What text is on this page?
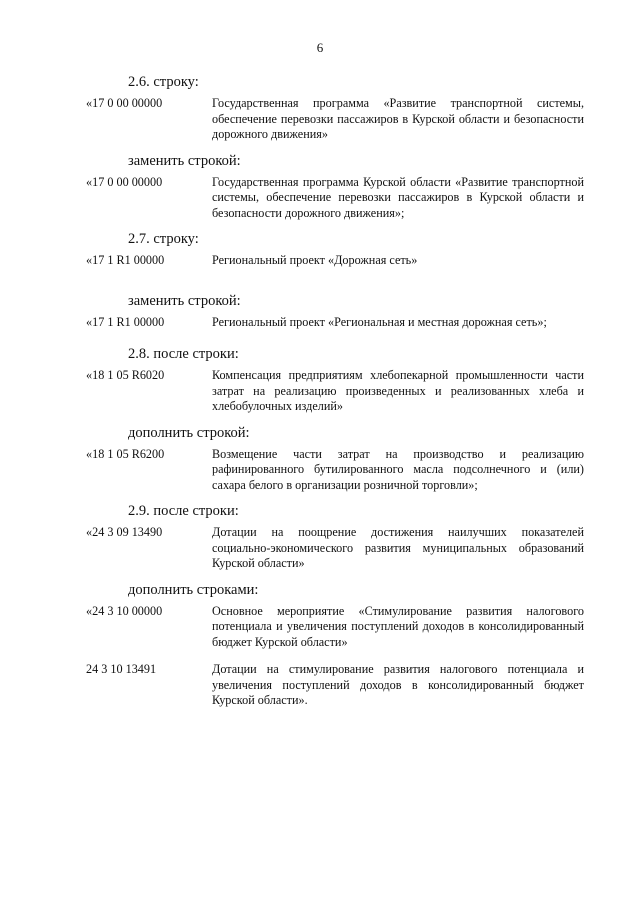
6
2.6. строку:
«17 0 00 00000	Государственная программа «Развитие транспортной системы, обеспечение перевозки пассажиров в Курской области и безопасности дорожного движения»
заменить строкой:
«17 0 00 00000	Государственная программа Курской области «Развитие транспортной системы, обеспечение перевозки пассажиров в Курской области и безопасности дорожного движения»;
2.7. строку:
«17 1 R1 00000	Региональный проект «Дорожная сеть»
заменить строкой:
«17 1 R1 00000	Региональный проект «Региональная и местная дорожная сеть»;
2.8. после строки:
«18 1 05 R6020	Компенсация предприятиям хлебопекарной промышленности части затрат на реализацию произведенных и реализованных хлеба и хлебобулочных изделий»
дополнить строкой:
«18 1 05 R6200	Возмещение части затрат на производство и реализацию рафинированного бутилированного масла подсолнечного и (или) сахара белого в организации розничной торговли»;
2.9. после строки:
«24 3 09 13490	Дотации на поощрение достижения наилучших показателей социально-экономического развития муниципальных образований Курской области»
дополнить строками:
«24 3 10 00000	Основное мероприятие «Стимулирование развития налогового потенциала и увеличения поступлений доходов в консолидированный бюджет Курской области»
24 3 10 13491	Дотации на стимулирование развития налогового потенциала и увеличения поступлений доходов в консолидированный бюджет Курской области».
